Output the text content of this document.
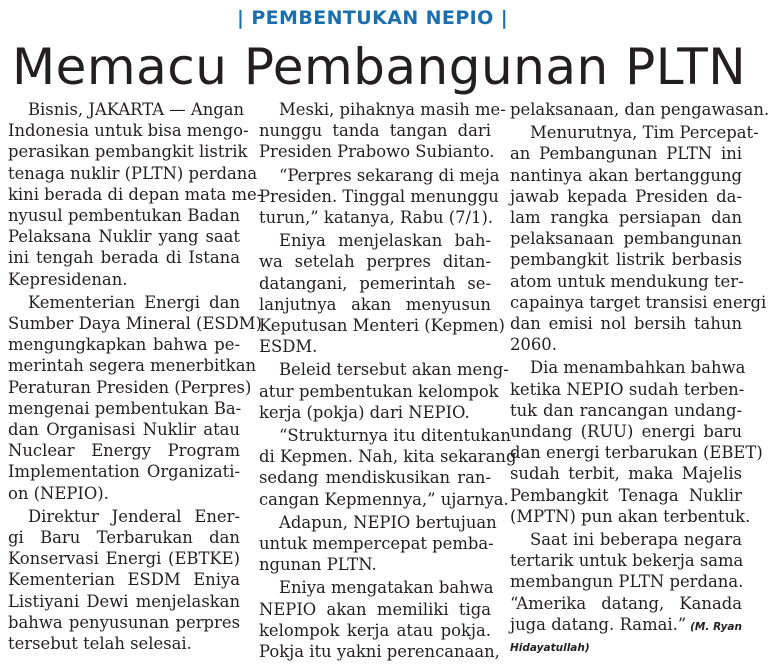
| PEMBENTUKAN NEPIO |
Memacu Pembangunan PLTN

Bisnis, JAKARTA — Angan
Indonesia untuk bisa mengo-
perasikan pembangkit listrik
tenaga nuklir (PLTN) perdana
kini berada di depan mata me-
nyusul pembentukan Badan
Pelaksana Nuklir yang saat
ini tengah berada di Istana
Kepresidenan.

Kementerian Energi dan
Sumber Daya Mineral (ESDM)
mengungkapkan bahwa pe-
merintah segera menerbitkan
Peraturan Presiden (Perpres)
mengenai pembentukan Ba-
dan Organisasi Nuklir atau
Nuclear Energy Program
Implementation Organizati-
on (NEPIO).

Direktur Jenderal Ener-
gi Baru Terbarukan dan
Konservasi Energi (EBTKE)
Kementerian ESDM Eniya
Listiyani Dewi menjelaskan
bahwa penyusunan perpres
tersebut telah selesai.

Meski, pihaknya masih me-
nunggu tanda tangan dari
Presiden Prabowo Subianto.

“Perpres sekarang di meja
Presiden. Tinggal menunggu
turun,” katanya, Rabu (7/1).

Eniya menjelaskan bah-
wa setelah perpres ditan-
datangani, pemerintah se-
lanjutnya akan menyusun
Keputusan Menteri (Kepmen)
ESDM.

Beleid tersebut akan meng-
atur pembentukan kelompok
kerja (pokja) dari NEPIO.

“Strukturnya itu ditentukan
di Kepmen. Nah, kita sekarang
sedang mendiskusikan ran-
cangan Kepmennya,” ujarnya.

Adapun, NEPIO bertujuan
untuk mempercepat pemba-
ngunan PLTN.

Eniya mengatakan bahwa
NEPIO akan memiliki tiga
kelompok kerja atau pokja.
Pokja itu yakni perencanaan,

pelaksanaan, dan pengawasan.

Menurutnya, Tim Percepat-
an Pembangunan PLTN ini
nantinya akan bertanggung
jawab kepada Presiden da-
lam rangka persiapan dan
pelaksanaan pembangunan
pembangkit listrik berbasis
atom untuk mendukung ter-
capainya target transisi energi
dan emisi nol bersih tahun
2060.

Dia menambahkan bahwa
ketika NEPIO sudah terben-
tuk dan rancangan undang-
undang (RUU) energi baru
dan energi terbarukan (EBET)
sudah terbit, maka Majelis
Pembangkit Tenaga Nuklir
(MPTN) pun akan terbentuk.

Saat ini beberapa negara
tertarik untuk bekerja sama
membangun PLTN perdana.
“Amerika datang, Kanada
juga datang. Ramai.” (M. Ryan
Hidayatullah)
